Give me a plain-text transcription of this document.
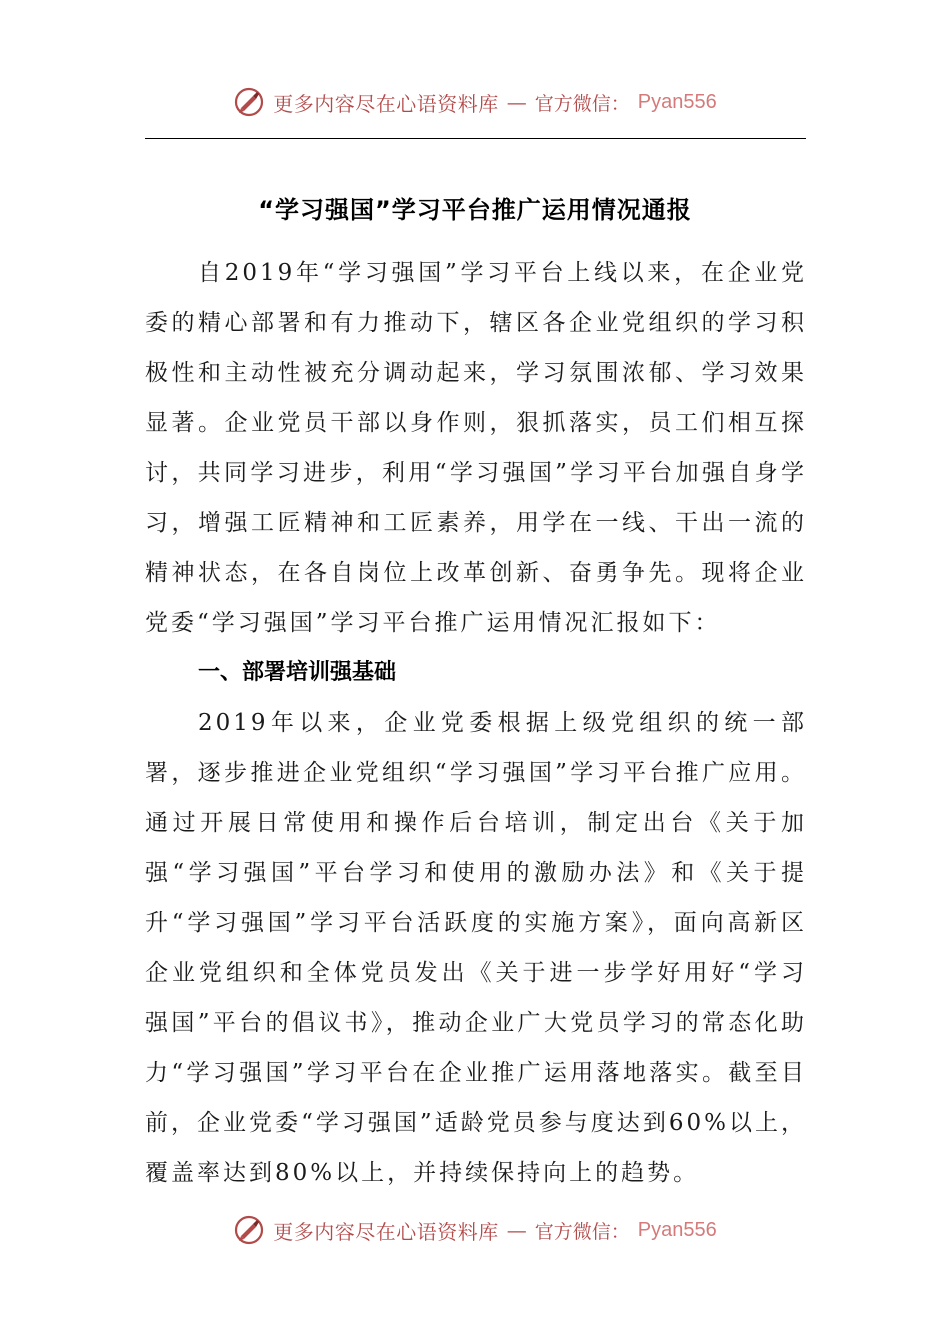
更多内容尽在心语资料库 — 官方微信： Pyan556
“学习强国”学习平台推广运用情况通报

自2019年“学习强国”学习平台上线以来，在企业党委的精心部署和有力推动下，辖区各企业党组织的学习积极性和主动性被充分调动起来，学习氛围浓郁、学习效果显著。企业党员干部以身作则，狠抓落实，员工们相互探讨，共同学习进步，利用“学习强国”学习平台加强自身学习，增强工匠精神和工匠素养，用学在一线、干出一流的精神状态，在各自岗位上改革创新、奋勇争先。现将企业党委“学习强国”学习平台推广运用情况汇报如下：

一、部署培训强基础

2019年以来，企业党委根据上级党组织的统一部署，逐步推进企业党组织“学习强国”学习平台推广应用。通过开展日常使用和操作后台培训，制定出台《关于加强“学习强国”平台学习和使用的激励办法》和《关于提升“学习强国”学习平台活跃度的实施方案》，面向高新区企业党组织和全体党员发出《关于进一步学好用好“学习强国”平台的倡议书》，推动企业广大党员学习的常态化助力“学习强国”学习平台在企业推广运用落地落实。截至目前，企业党委“学习强国”适龄党员参与度达到60%以上，覆盖率达到80%以上，并持续保持向上的趋势。

更多内容尽在心语资料库 — 官方微信： Pyan556
